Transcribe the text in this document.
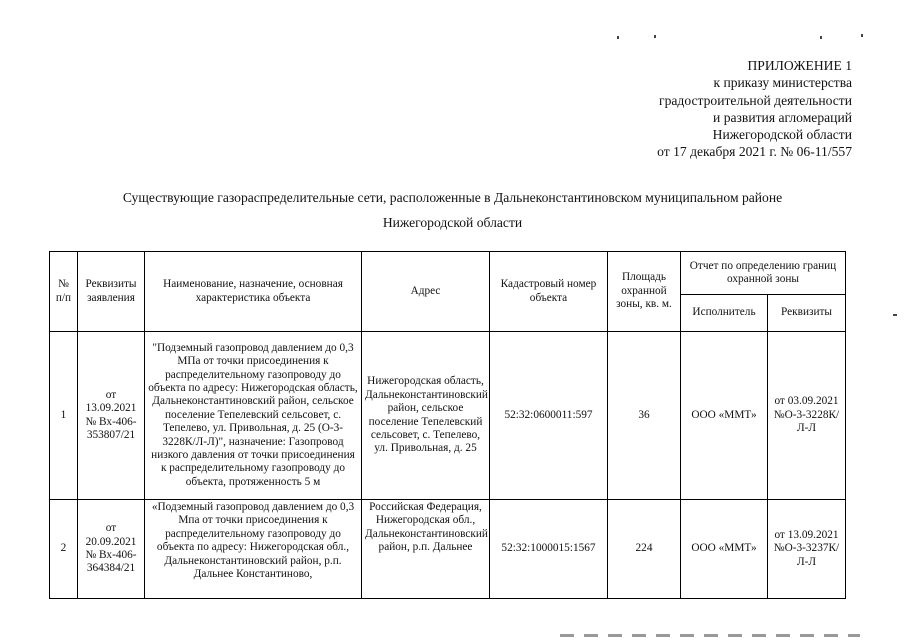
ПРИЛОЖЕНИЕ 1
к приказу министерства
градостроительной деятельности
и развития агломераций
Нижегородской области
от 17 декабря 2021 г. № 06-11/557
Существующие газораспределительные сети, расположенные в Дальнеконстантиновском муниципальном районе
Нижегородской области
№ п/п	Реквизиты заявления	Наименование, назначение, основная характеристика объекта	Адрес	Кадастровый номер объекта	Площадь охранной зоны, кв. м.	Отчет по определению границ охранной зоны	
						Исполнитель	Реквизиты
1	от 13.09.2021 № Вх-406-353807/21	"Подземный газопровод давлением до 0,3 МПа от точки присоединения к распределительному газопроводу до объекта по адресу: Нижегородская область, Дальнеконстантиновский район, сельское поселение Тепелевский сельсовет, с. Тепелево, ул. Привольная, д. 25 (О-3-3228К/Л-Л)", назначение: Газопровод низкого давления от точки присоединения к распределительному газопроводу до объекта, протяженность 5 м	Нижегородская область, Дальнеконстантиновский район, сельское поселение Тепелевский сельсовет, с. Тепелево, ул. Привольная, д. 25	52:32:0600011:597	36	ООО «ММТ»	от 03.09.2021 №О-3-3228К/Л-Л
2	от 20.09.2021 № Вх-406-364384/21	«Подземный газопровод давлением до 0,3 Мпа от точки присоединения к распределительному газопроводу до объекта по адресу: Нижегородская обл., Дальнеконстантиновский район, р.п. Дальнее Константиново,	Российская Федерация, Нижегородская обл., Дальнеконстантиновский район, р.п. Дальнее	52:32:1000015:1567	224	ООО «ММТ»	от 13.09.2021 №О-3-3237К/Л-Л
